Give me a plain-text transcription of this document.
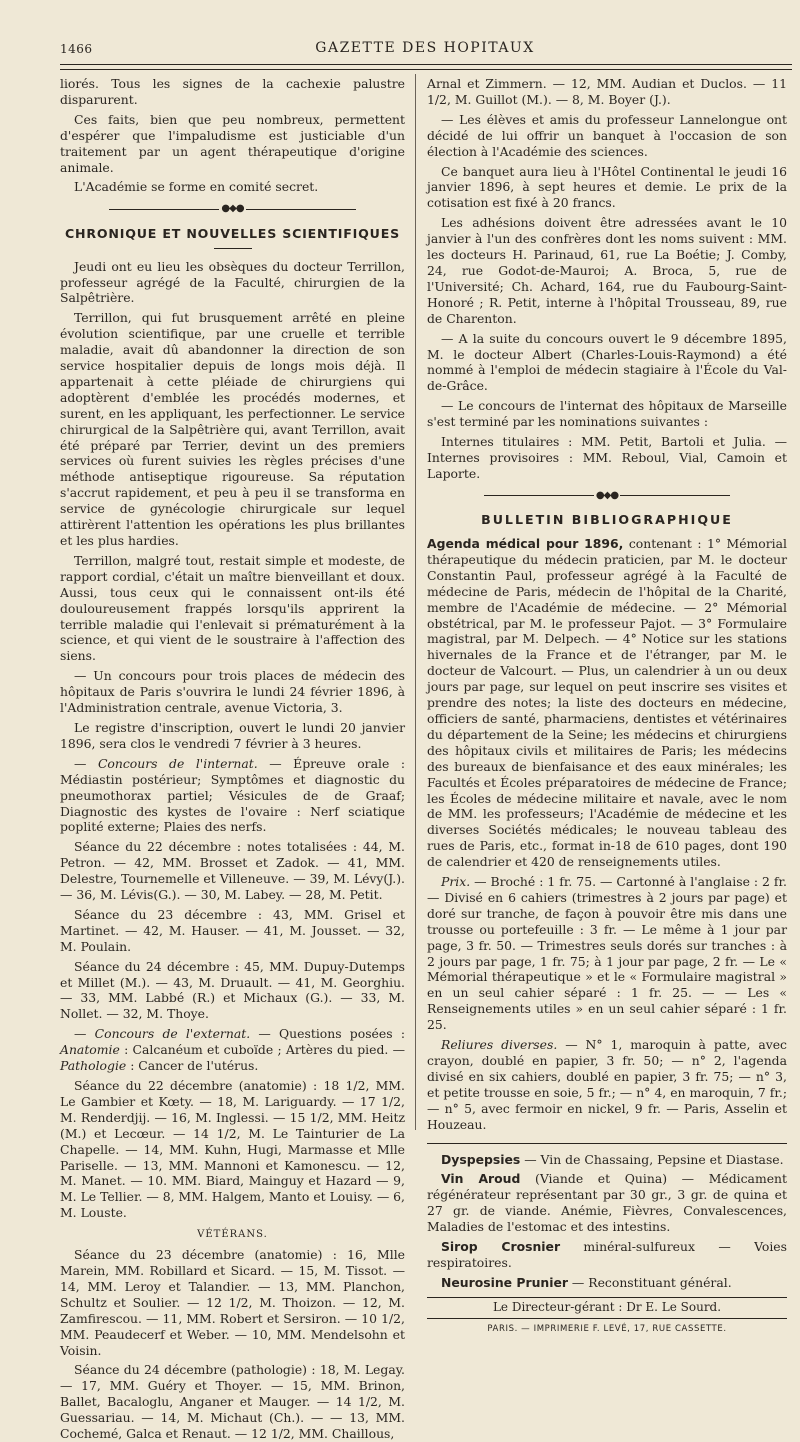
1466	GAZETTE DES HOPITAUX

liorés. Tous les signes de la cachexie palustre disparurent.

Ces faits, bien que peu nombreux, permettent d'espérer que l'impaludisme est justiciable d'un traitement par un agent thérapeutique d'origine animale.

L'Académie se forme en comité secret.

●◆●
CHRONIQUE ET NOUVELLES SCIENTIFIQUES

Jeudi ont eu lieu les obsèques du docteur Terrillon, professeur agrégé de la Faculté, chirurgien de la Salpêtrière.

Terrillon, qui fut brusquement arrêté en pleine évolution scientifique, par une cruelle et terrible maladie, avait dû abandonner la direction de son service hospitalier depuis de longs mois déjà. Il appartenait à cette pléiade de chirurgiens qui adoptèrent d'emblée les procédés modernes, et surent, en les appliquant, les perfectionner. Le service chirurgical de la Salpêtrière qui, avant Terrillon, avait été préparé par Terrier, devint un des premiers services où furent suivies les règles précises d'une méthode antiseptique rigoureuse. Sa réputation s'accrut rapidement, et peu à peu il se transforma en service de gynécologie chirurgicale sur lequel attirèrent l'attention les opérations les plus brillantes et les plus hardies.

Terrillon, malgré tout, restait simple et modeste, de rapport cordial, c'était un maître bienveillant et doux. Aussi, tous ceux qui le connaissent ont-ils été douloureusement frappés lorsqu'ils apprirent la terrible maladie qui l'enlevait si prématurément à la science, et qui vient de le soustraire à l'affection des siens.

— Un concours pour trois places de médecin des hôpitaux de Paris s'ouvrira le lundi 24 février 1896, à l'Administration centrale, avenue Victoria, 3.

Le registre d'inscription, ouvert le lundi 20 janvier 1896, sera clos le vendredi 7 février à 3 heures.

— Concours de l'internat. — Épreuve orale : Médiastin postérieur; Symptômes et diagnostic du pneumothorax partiel; Vésicules de de Graaf; Diagnostic des kystes de l'ovaire : Nerf sciatique poplité externe; Plaies des nerfs.

Séance du 22 décembre : notes totalisées : 44, M. Petron. — 42, MM. Brosset et Zadok. — 41, MM. Delestre, Tournemelle et Villeneuve. — 39, M. Lévy(J.). — 36, M. Lévis(G.). — 30, M. Labey. — 28, M. Petit.

Séance du 23 décembre : 43, MM. Grisel et Martinet. — 42, M. Hauser. — 41, M. Jousset. — 32, M. Poulain.

Séance du 24 décembre : 45, MM. Dupuy-Dutemps et Millet (M.). — 43, M. Druault. — 41, M. Georghiu. — 33, MM. Labbé (R.) et Michaux (G.). — 33, M. Nollet. — 32, M. Thoye.

— Concours de l'externat. — Questions posées : Anatomie : Calcanéum et cuboïde ; Artères du pied. — Pathologie : Cancer de l'utérus.

Séance du 22 décembre (anatomie) : 18 1/2, MM. Le Gambier et Kœty. — 18, M. Lariguardy. — 17 1/2, M. Renderdjij. — 16, M. Inglessi. — 15 1/2, MM. Heitz (M.) et Lecœur. — 14 1/2, M. Le Tainturier de La Chapelle. — 14, MM. Kuhn, Hugi, Marmasse et Mlle Pariselle. — 13, MM. Mannoni et Kamonescu. — 12, M. Manet. — 10. MM. Biard, Mainguy et Hazard — 9, M. Le Tellier. — 8, MM. Halgem, Manto et Louisy. — 6, M. Louste.

VÉTÉRANS.

Séance du 23 décembre (anatomie) : 16, Mlle Marein, MM. Robillard et Sicard. — 15, M. Tissot. — 14, MM. Leroy et Talandier. — 13, MM. Planchon, Schultz et Soulier. — 12 1/2, M. Thoizon. — 12, M. Zamfirescou. — 11, MM. Robert et Sersiron. — 10 1/2, MM. Peaudecerf et Weber. — 10, MM. Mendelsohn et Voisin.

Séance du 24 décembre (pathologie) : 18, M. Legay. — 17, MM. Guéry et Thoyer. — 15, MM. Brinon, Ballet, Bacaloglu, Anganer et Mauger. — 14 1/2, M. Guessariau. — 14, M. Michaut (Ch.). — — 13, MM. Cochemé, Galca et Renaut. — 12 1/2, MM. Chaillous,

Arnal et Zimmern. — 12, MM. Audian et Duclos. — 11 1/2, M. Guillot (M.). — 8, M. Boyer (J.).

— Les élèves et amis du professeur Lannelongue ont décidé de lui offrir un banquet à l'occasion de son élection à l'Académie des sciences.

Ce banquet aura lieu à l'Hôtel Continental le jeudi 16 janvier 1896, à sept heures et demie. Le prix de la cotisation est fixé à 20 francs.

Les adhésions doivent être adressées avant le 10 janvier à l'un des confrères dont les noms suivent : MM. les docteurs H. Parinaud, 61, rue La Boétie; J. Comby, 24, rue Godot-de-Mauroi; A. Broca, 5, rue de l'Université; Ch. Achard, 164, rue du Faubourg-Saint-Honoré ; R. Petit, interne à l'hôpital Trousseau, 89, rue de Charenton.

— A la suite du concours ouvert le 9 décembre 1895, M. le docteur Albert (Charles-Louis-Raymond) a été nommé à l'emploi de médecin stagiaire à l'École du Val-de-Grâce.

— Le concours de l'internat des hôpitaux de Marseille s'est terminé par les nominations suivantes :

Internes titulaires : MM. Petit, Bartoli et Julia. — Internes provisoires : MM. Reboul, Vial, Camoin et Laporte.

●◆●
BULLETIN BIBLIOGRAPHIQUE

Agenda médical pour 1896, contenant : 1° Mémorial thérapeutique du médecin praticien, par M. le docteur Constantin Paul, professeur agrégé à la Faculté de médecine de Paris, médecin de l'hôpital de la Charité, membre de l'Académie de médecine. — 2° Mémorial obstétrical, par M. le professeur Pajot. — 3° Formulaire magistral, par M. Delpech. — 4° Notice sur les stations hivernales de la France et de l'étranger, par M. le docteur de Valcourt. — Plus, un calendrier à un ou deux jours par page, sur lequel on peut inscrire ses visites et prendre des notes; la liste des docteurs en médecine, officiers de santé, pharmaciens, dentistes et vétérinaires du département de la Seine; les médecins et chirurgiens des hôpitaux civils et militaires de Paris; les médecins des bureaux de bienfaisance et des eaux minérales; les Facultés et Écoles préparatoires de médecine de France; les Écoles de médecine militaire et navale, avec le nom de MM. les professeurs; l'Académie de médecine et les diverses Sociétés médicales; le nouveau tableau des rues de Paris, etc., format in-18 de 610 pages, dont 190 de calendrier et 420 de renseignements utiles.

Prix. — Broché : 1 fr. 75. — Cartonné à l'anglaise : 2 fr. — Divisé en 6 cahiers (trimestres à 2 jours par page) et doré sur tranche, de façon à pouvoir être mis dans une trousse ou portefeuille : 3 fr. — Le même à 1 jour par page, 3 fr. 50. — Trimestres seuls dorés sur tranches : à 2 jours par page, 1 fr. 75; à 1 jour par page, 2 fr. — Le « Mémorial thérapeutique » et le « Formulaire magistral » en un seul cahier séparé : 1 fr. 25. — — Les « Renseignements utiles » en un seul cahier séparé : 1 fr. 25.

Reliures diverses. — N° 1, maroquin à patte, avec crayon, doublé en papier, 3 fr. 50; — n° 2, l'agenda divisé en six cahiers, doublé en papier, 3 fr. 75; — n° 3, et petite trousse en soie, 5 fr.; — n° 4, en maroquin, 7 fr.; — n° 5, avec fermoir en nickel, 9 fr. — Paris, Asselin et Houzeau.

Dyspepsies — Vin de Chassaing, Pepsine et Diastase.

Vin Aroud (Viande et Quina) — Médicament régénérateur représentant par 30 gr., 3 gr. de quina et 27 gr. de viande. Anémie, Fièvres, Convalescences, Maladies de l'estomac et des intestins.

Sirop Crosnier minéral-sulfureux — Voies respiratoires.

Neurosine Prunier — Reconstituant général.

Le Directeur-gérant : Dr E. Le Sourd.
PARIS. — IMPRIMERIE F. LEVÉ, 17, RUE CASSETTE.
